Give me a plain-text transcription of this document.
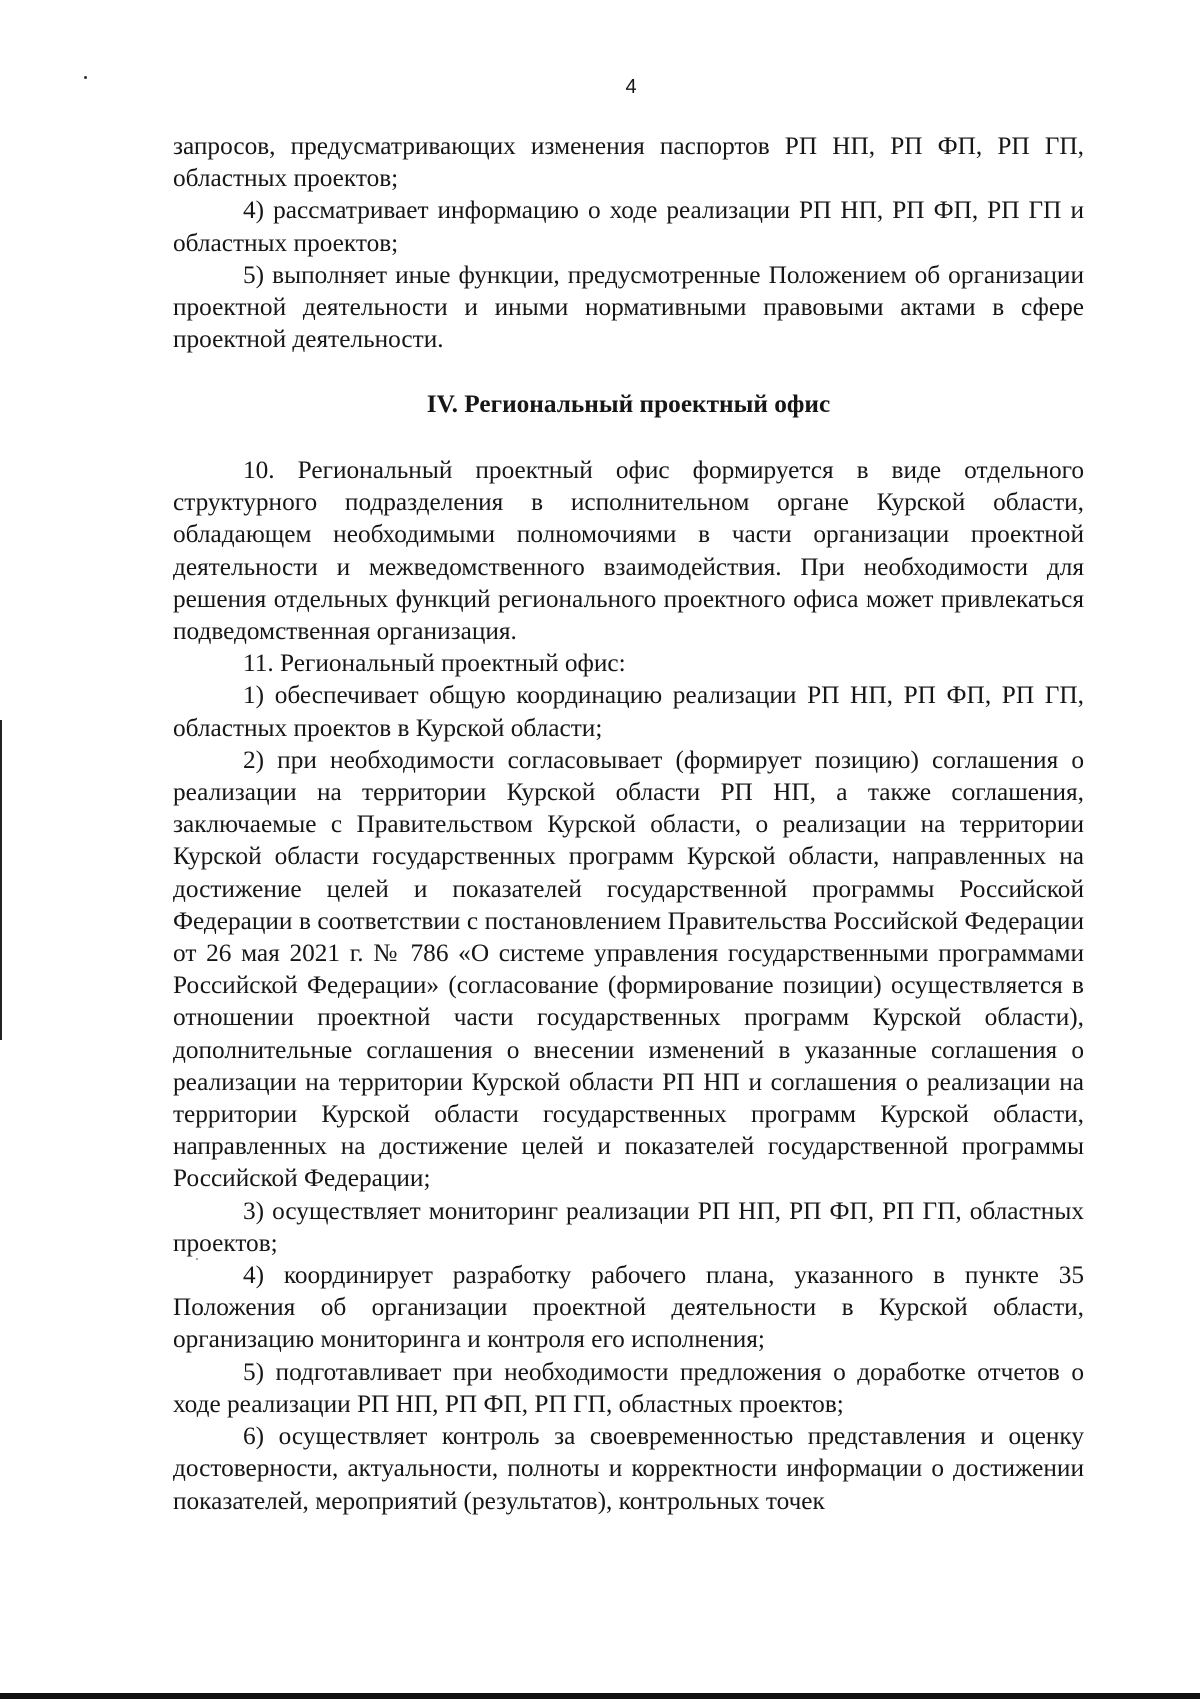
4

запросов, предусматривающих изменения паспортов РП НП, РП ФП, РП ГП, областных проектов;

4) рассматривает информацию о ходе реализации РП НП, РП ФП, РП ГП и областных проектов;

5) выполняет иные функции, предусмотренные Положением об организации проектной деятельности и иными нормативными правовыми актами в сфере проектной деятельности.

IV. Региональный проектный офис

10. Региональный проектный офис формируется в виде отдельного структурного подразделения в исполнительном органе Курской области, обладающем необходимыми полномочиями в части организации проектной деятельности и межведомственного взаимодействия. При необходимости для решения отдельных функций регионального проектного офиса может привлекаться подведомственная организация.

11. Региональный проектный офис:

1) обеспечивает общую координацию реализации РП НП, РП ФП, РП ГП, областных проектов в Курской области;

2) при необходимости согласовывает (формирует позицию) соглашения о реализации на территории Курской области РП НП, а также соглашения, заключаемые с Правительством Курской области, о реализации на территории Курской области государственных программ Курской области, направленных на достижение целей и показателей государственной программы Российской Федерации в соответствии с постановлением Правительства Российской Федерации от 26 мая 2021 г. № 786 «О системе управления государственными программами Российской Федерации» (согласование (формирование позиции) осуществляется в отношении проектной части государственных программ Курской области), дополнительные соглашения о внесении изменений в указанные соглашения о реализации на территории Курской области РП НП и соглашения о реализации на территории Курской области государственных программ Курской области, направленных на достижение целей и показателей государственной программы Российской Федерации;

3) осуществляет мониторинг реализации РП НП, РП ФП, РП ГП, областных проектов;

4) координирует разработку рабочего плана, указанного в пункте 35 Положения об организации проектной деятельности в Курской области, организацию мониторинга и контроля его исполнения;

5) подготавливает при необходимости предложения о доработке отчетов о ходе реализации РП НП, РП ФП, РП ГП, областных проектов;

6) осуществляет контроль за своевременностью представления и оценку достоверности, актуальности, полноты и корректности информации о достижении показателей, мероприятий (результатов), контрольных точек
